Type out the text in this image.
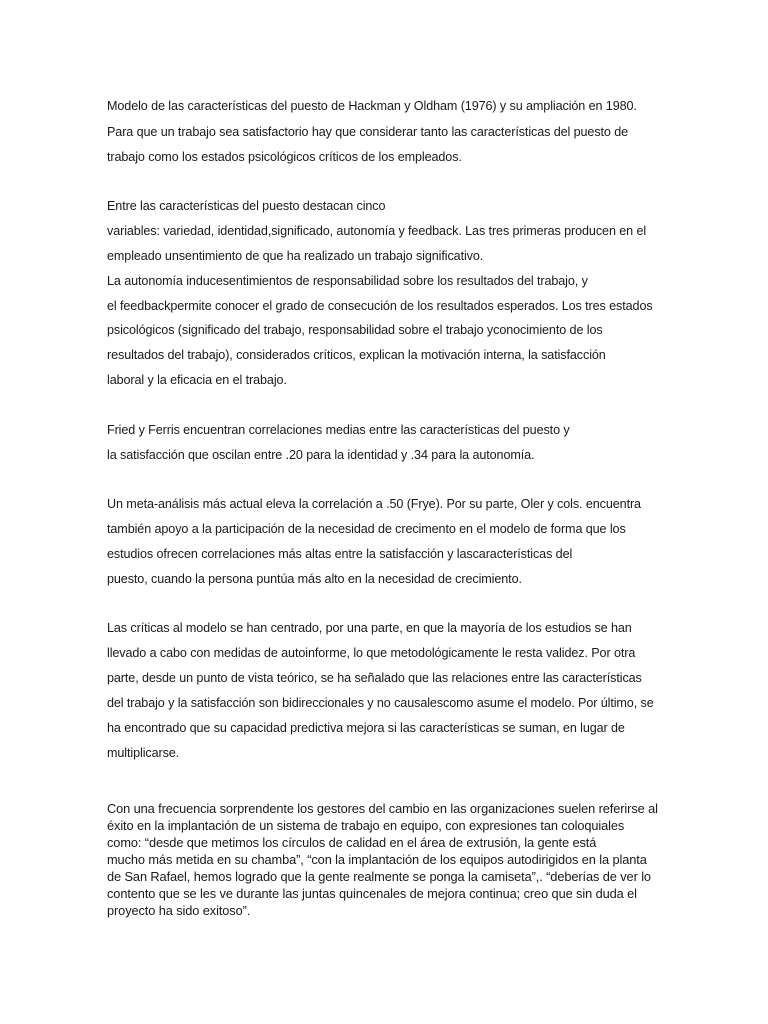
Modelo de las características del puesto de Hackman y Oldham (1976) y su ampliación en 1980.
Para que un trabajo sea satisfactorio hay que considerar tanto las características del puesto de
trabajo como los estados psicológicos críticos de los empleados.
Entre las características del puesto destacan cinco
variables: variedad, identidad,significado, autonomía y feedback. Las tres primeras producen en el
empleado unsentimiento de que ha realizado un trabajo significativo.
La autonomía inducesentimientos de responsabilidad sobre los resultados del trabajo, y
el feedbackpermite conocer el grado de consecución de los resultados esperados. Los tres estados
psicológicos (significado del trabajo, responsabilidad sobre el trabajo yconocimiento de los
resultados del trabajo), considerados críticos, explican la motivación interna, la satisfacción
laboral y la eficacia en el trabajo.
Fried y Ferris encuentran correlaciones medias entre las características del puesto y
la satisfacción que oscilan entre .20 para la identidad y .34 para la autonomía.
Un meta-análisis más actual eleva la correlación a .50 (Frye). Por su parte, Oler y cols. encuentra
también apoyo a la participación de la necesidad de crecimento en el modelo de forma que los
estudios ofrecen correlaciones más altas entre la satisfacción y lascaracterísticas del
puesto, cuando la persona puntúa más alto en la necesidad de crecimiento.
Las críticas al modelo se han centrado, por una parte, en que la mayoría de los estudios se han
llevado a cabo con medidas de autoinforme, lo que metodológicamente le resta validez. Por otra
parte, desde un punto de vista teórico, se ha señalado que las relaciones entre las características
del trabajo y la satisfacción son bidireccionales y no causalescomo asume el modelo. Por último, se
ha encontrado que su capacidad predictiva mejora si las características se suman, en lugar de
multiplicarse.
Con una frecuencia sorprendente los gestores del cambio en las organizaciones suelen referirse al
éxito en la implantación de un sistema de trabajo en equipo, con expresiones tan coloquiales
como: “desde que metimos los círculos de calidad en el área de extrusión, la gente está
mucho más metida en su chamba”, “con la implantación de los equipos autodirigidos en la planta
de San Rafael, hemos logrado que la gente realmente se ponga la camiseta”,. “deberías de ver lo
contento que se les ve durante las juntas quincenales de mejora continua; creo que sin duda el
proyecto ha sido exitoso”.
